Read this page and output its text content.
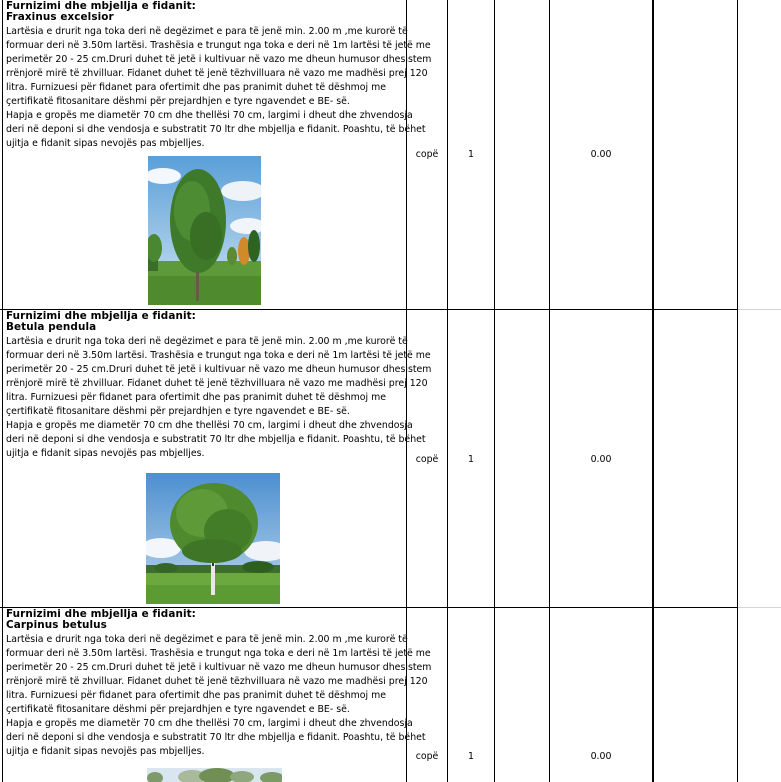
Furnizimi dhe mbjellja e fidanit:
Fraxinus excelsior
Lartësia e drurit nga toka deri në degëzimet e para të jenë min. 2.00 m ,me kurorë të
formuar deri në 3.50m lartësi. Trashësia e trungut nga toka e deri në 1m lartësi të jetë me
perimetër 20 - 25 cm.Druri duhet të jetë i kultivuar në vazo me dheun humusor dhesistem
rrënjorë mirë të zhvilluar. Fidanet duhet të jenë tëzhvilluara në vazo me madhësi prej 120
litra. Furnizuesi për fidanet para ofertimit dhe pas pranimit duhet të dëshmoj me
çertifikatë fitosanitare dëshmi për prejardhjen e tyre ngavendet e BE- së.
Hapja e gropës me diametër 70 cm dhe thellësi 70 cm, largimi i dheut dhe zhvendosja
deri në deponi si dhe vendosja e substratit 70 ltr dhe mbjellja e fidanit. Poashtu, të bëhet
ujitja e fidanit sipas nevojës pas mbjelljes.
copë	1	0.00
Furnizimi dhe mbjellja e fidanit:
Betula pendula
Lartësia e drurit nga toka deri në degëzimet e para të jenë min. 2.00 m ,me kurorë të
formuar deri në 3.50m lartësi. Trashësia e trungut nga toka e deri në 1m lartësi të jetë me
perimetër 20 - 25 cm.Druri duhet të jetë i kultivuar në vazo me dheun humusor dhesistem
rrënjorë mirë të zhvilluar. Fidanet duhet të jenë tëzhvilluara në vazo me madhësi prej 120
litra. Furnizuesi për fidanet para ofertimit dhe pas pranimit duhet të dëshmoj me
çertifikatë fitosanitare dëshmi për prejardhjen e tyre ngavendet e BE- së.
Hapja e gropës me diametër 70 cm dhe thellësi 70 cm, largimi i dheut dhe zhvendosja
deri në deponi si dhe vendosja e substratit 70 ltr dhe mbjellja e fidanit. Poashtu, të bëhet
ujitja e fidanit sipas nevojës pas mbjelljes.
copë	1	0.00
Furnizimi dhe mbjellja e fidanit:
Carpinus betulus
Lartësia e drurit nga toka deri në degëzimet e para të jenë min. 2.00 m ,me kurorë të
formuar deri në 3.50m lartësi. Trashësia e trungut nga toka e deri në 1m lartësi të jetë me
perimetër 20 - 25 cm.Druri duhet të jetë i kultivuar në vazo me dheun humusor dhesistem
rrënjorë mirë të zhvilluar. Fidanet duhet të jenë tëzhvilluara në vazo me madhësi prej 120
litra. Furnizuesi për fidanet para ofertimit dhe pas pranimit duhet të dëshmoj me
çertifikatë fitosanitare dëshmi për prejardhjen e tyre ngavendet e BE- së.
Hapja e gropës me diametër 70 cm dhe thellësi 70 cm, largimi i dheut dhe zhvendosja
deri në deponi si dhe vendosja e substratit 70 ltr dhe mbjellja e fidanit. Poashtu, të bëhet
ujitja e fidanit sipas nevojës pas mbjelljes.	copë	1	0.00
